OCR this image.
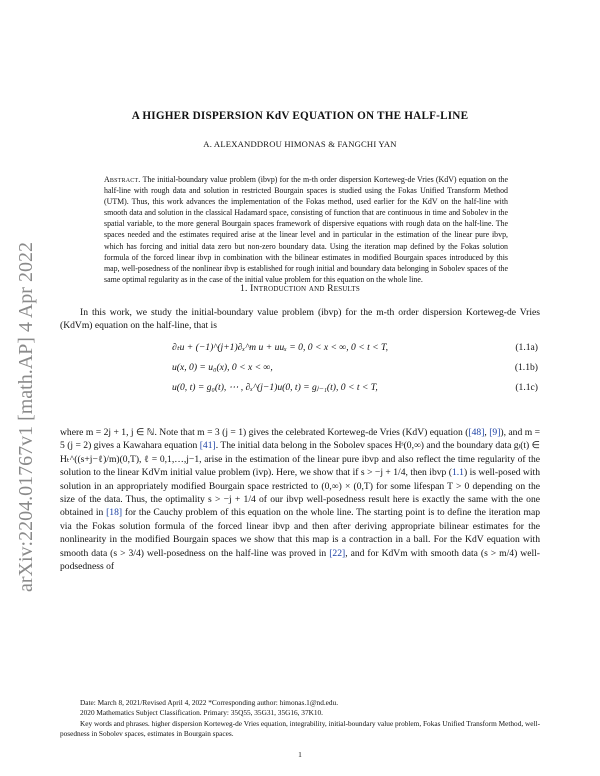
arXiv:2204.01767v1 [math.AP] 4 Apr 2022
A HIGHER DISPERSION KdV EQUATION ON THE HALF-LINE
A. ALEXANDDROU HIMONAS & FANGCHI YAN
Abstract. The initial-boundary value problem (ibvp) for the m-th order dispersion Korteweg-de Vries (KdV) equation on the half-line with rough data and solution in restricted Bourgain spaces is studied using the Fokas Unified Transform Method (UTM). Thus, this work advances the implementation of the Fokas method, used earlier for the KdV on the half-line with smooth data and solution in the classical Hadamard space, consisting of function that are continuous in time and Sobolev in the spatial variable, to the more general Bourgain spaces framework of dispersive equations with rough data on the half-line. The spaces needed and the estimates required arise at the linear level and in particular in the estimation of the linear pure ibvp, which has forcing and initial data zero but non-zero boundary data. Using the iteration map defined by the Fokas solution formula of the forced linear ibvp in combination with the bilinear estimates in modified Bourgain spaces introduced by this map, well-posedness of the nonlinear ibvp is established for rough initial and boundary data belonging in Sobolev spaces of the same optimal regularity as in the case of the initial value problem for this equation on the whole line.
1. Introduction and Results
In this work, we study the initial-boundary value problem (ibvp) for the m-th order dispersion Korteweg-de Vries (KdVm) equation on the half-line, that is
∂ₜu + (−1)^(j+1)∂ₓ^m u + uuₓ = 0, 0 < x < ∞, 0 < t < T,	(1.1a)
u(x, 0) = u₀(x), 0 < x < ∞,	(1.1b)
u(0, t) = g₀(t), ⋯ , ∂ₓ^(j−1)u(0, t) = gⱼ₋₁(t), 0 < t < T,	(1.1c)
where m = 2j + 1, j ∈ ℕ. Note that m = 3 (j = 1) gives the celebrated Korteweg-de Vries (KdV) equation ([48], [9]), and m = 5 (j = 2) gives a Kawahara equation [41]. The initial data belong in the Sobolev spaces Hˢ(0,∞) and the boundary data gₗ(t) ∈ Hₜ^((s+j−ℓ)/m)(0,T), ℓ = 0,1,…,j−1, arise in the estimation of the linear pure ibvp and also reflect the time regularity of the solution to the linear KdVm initial value problem (ivp). Here, we show that if s > −j + 1/4, then ibvp (1.1) is well-posed with solution in an appropriately modified Bourgain space restricted to (0,∞) × (0,T) for some lifespan T > 0 depending on the size of the data. Thus, the optimality s > −j + 1/4 of our ibvp well-posedness result here is exactly the same with the one obtained in [18] for the Cauchy problem of this equation on the whole line. The starting point is to define the iteration map via the Fokas solution formula of the forced linear ibvp and then after deriving appropriate bilinear estimates for the nonlinearity in the modified Bourgain spaces we show that this map is a contraction in a ball. For the KdV equation with smooth data (s > 3/4) well-posedness on the half-line was proved in [22], and for KdVm with smooth data (s > m/4) well-podsedness of

Date: March 8, 2021/Revised April 4, 2022 *Corresponding author: himonas.1@nd.edu.

2020 Mathematics Subject Classification. Primary: 35Q55, 35G31, 35G16, 37K10.

Key words and phrases. higher dispersion Korteweg-de Vries equation, integrability, initial-boundary value problem, Fokas Unified Transform Method, well-posedness in Sobolev spaces, estimates in Bourgain spaces.

1
